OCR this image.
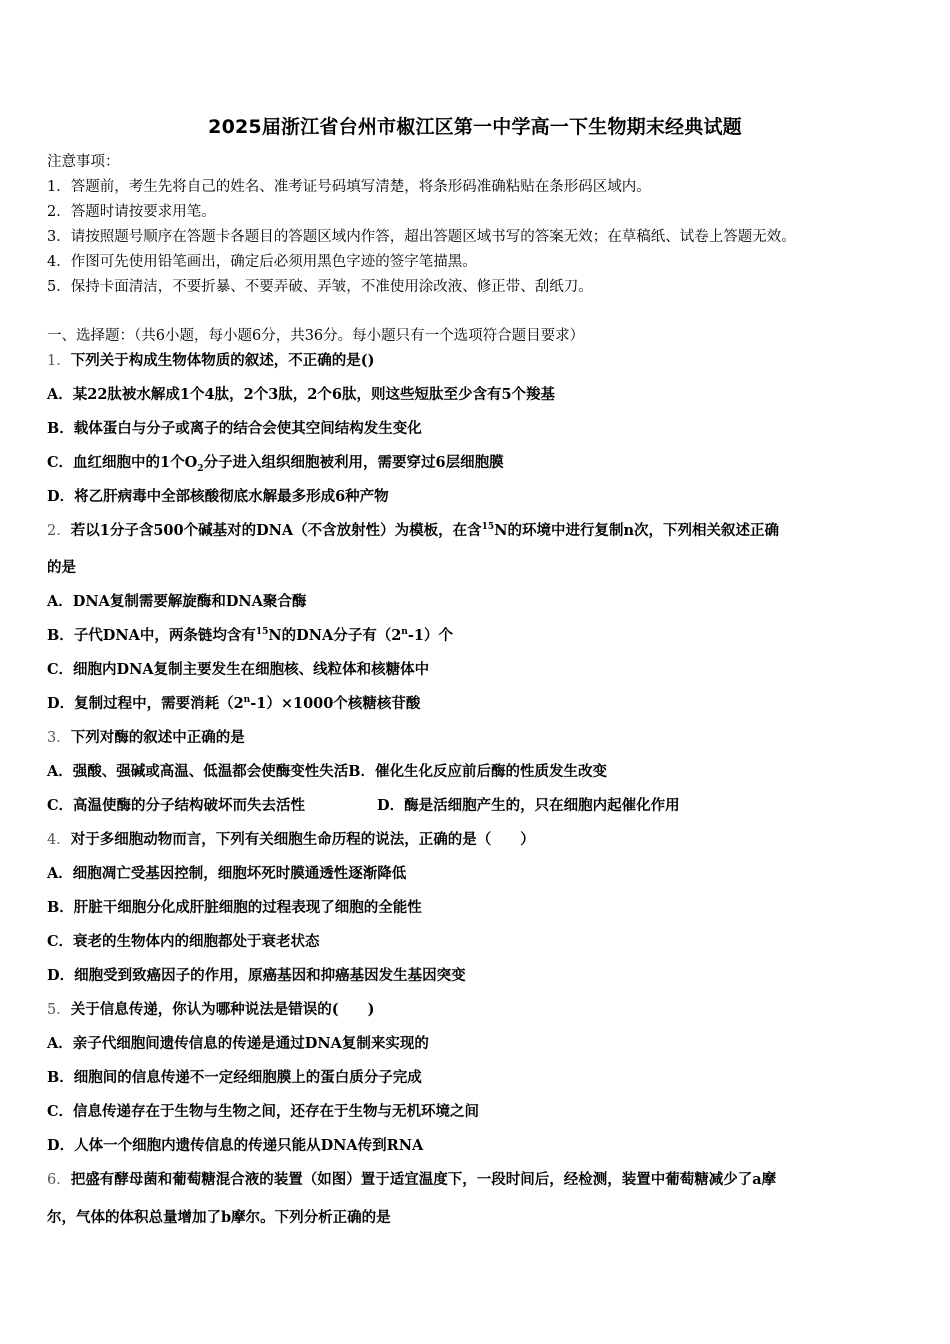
2025届浙江省台州市椒江区第一中学高一下生物期末经典试题
注意事项：
1．答题前，考生先将自己的姓名、准考证号码填写清楚，将条形码准确粘贴在条形码区域内。
2．答题时请按要求用笔。
3．请按照题号顺序在答题卡各题目的答题区域内作答，超出答题区域书写的答案无效；在草稿纸、试卷上答题无效。
4．作图可先使用铅笔画出，确定后必须用黑色字迹的签字笔描黑。
5．保持卡面清洁，不要折暴、不要弄破、弄皱，不准使用涂改液、修正带、刮纸刀。
一、选择题：（共6小题，每小题6分，共36分。每小题只有一个选项符合题目要求）
1．下列关于构成生物体物质的叙述，不正确的是()
A．某22肽被水解成1个4肽，2个3肽，2个6肽，则这些短肽至少含有5个羧基
B．载体蛋白与分子或离子的结合会使其空间结构发生变化
C．血红细胞中的1个$O_2$分子进入组织细胞被利用，需要穿过6层细胞膜
D．将乙肝病毒中全部核酸彻底水解最多形成6种产物
2．若以1分子含500个碱基对的DNA（不含放射性）为模板，在含$^{15}$N的环境中进行复制n次，下列相关叙述正确
的是
A．DNA复制需要解旋酶和DNA聚合酶
B．子代DNA中，两条链均含有$^{15}$N的DNA分子有（2$^n$-1）个
C．细胞内DNA复制主要发生在细胞核、线粒体和核糖体中
D．复制过程中，需要消耗$(2^n-1)\times 1000$个核糖核苷酸
3．下列对酶的叙述中正确的是
A．强酸、强碱或高温、低温都会使酶变性失活B．催化生化反应前后酶的性质发生改变
C．高温使酶的分子结构破坏而失去活性	D．酶是活细胞产生的，只在细胞内起催化作用
4．对于多细胞动物而言，下列有关细胞生命历程的说法，正确的是（　　）
A．细胞凋亡受基因控制，细胞坏死时膜通透性逐渐降低
B．肝脏干细胞分化成肝脏细胞的过程表现了细胞的全能性
C．衰老的生物体内的细胞都处于衰老状态
D．细胞受到致癌因子的作用，原癌基因和抑癌基因发生基因突变
5．关于信息传递，你认为哪种说法是错误的(　　)
A．亲子代细胞间遗传信息的传递是通过DNA复制来实现的
B．细胞间的信息传递不一定经细胞膜上的蛋白质分子完成
C．信息传递存在于生物与生物之间，还存在于生物与无机环境之间
D．人体一个细胞内遗传信息的传递只能从DNA传到RNA
6．把盛有酵母菌和葡萄糖混合液的装置（如图）置于适宜温度下，一段时间后，经检测，装置中葡萄糖减少了a摩
尔，气体的体积总量增加了b摩尔。下列分析正确的是
